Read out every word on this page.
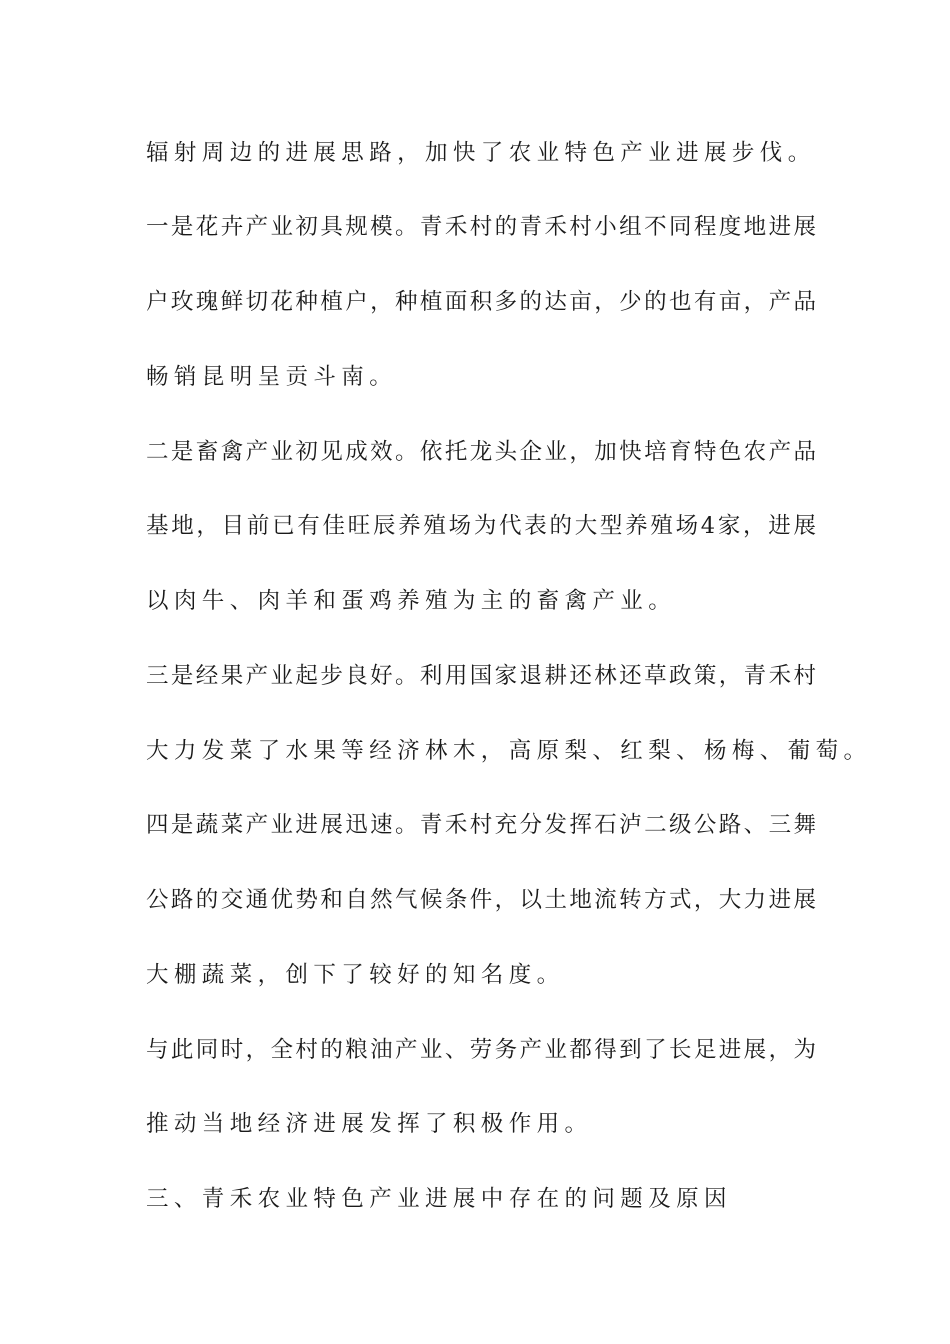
辐射周边的进展思路，加快了农业特色产业进展步伐。
一是花卉产业初具规模。青禾村的青禾村小组不同程度地进展
户玫瑰鲜切花种植户，种植面积多的达亩，少的也有亩，产品
畅销昆明呈贡斗南。
二是畜禽产业初见成效。依托龙头企业，加快培育特色农产品
基地，目前已有佳旺辰养殖场为代表的大型养殖场4家，进展
以肉牛、肉羊和蛋鸡养殖为主的畜禽产业。
三是经果产业起步良好。利用国家退耕还林还草政策，青禾村
大力发菜了水果等经济林木，高原梨、红梨、杨梅、葡萄。
四是蔬菜产业进展迅速。青禾村充分发挥石泸二级公路、三舞
公路的交通优势和自然气候条件，以土地流转方式，大力进展
大棚蔬菜，创下了较好的知名度。
与此同时，全村的粮油产业、劳务产业都得到了长足进展，为
推动当地经济进展发挥了积极作用。
三、青禾农业特色产业进展中存在的问题及原因
